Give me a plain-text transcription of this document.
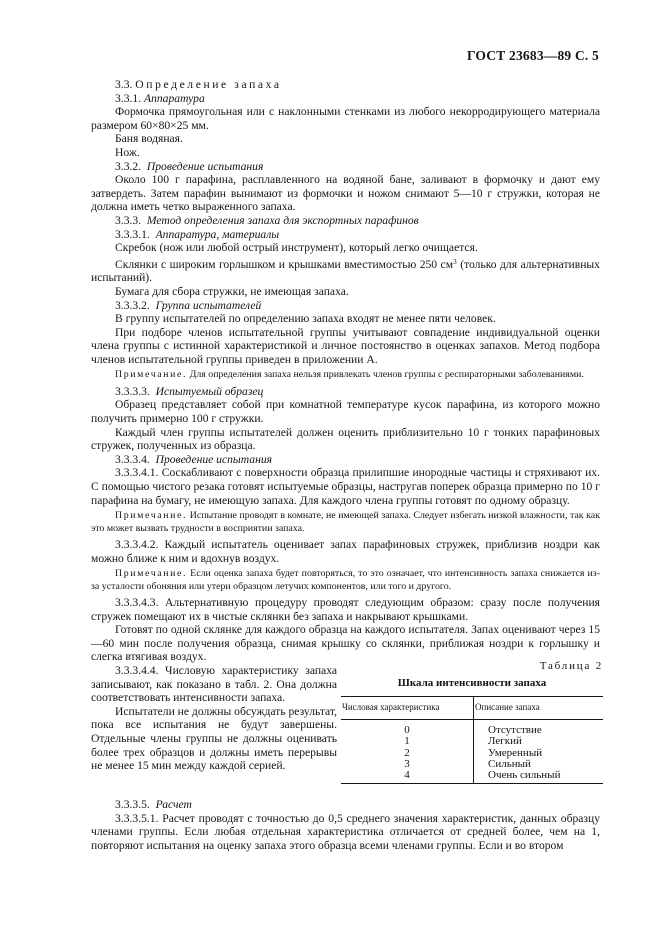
ГОСТ 23683—89 С. 5

3.3. Определение запаха

3.3.1. Аппаратура

Формочка прямоугольная или с наклонными стенками из любого некорродирующего материала размером 60×80×25 мм.

Баня водяная.

Нож.

3.3.2. Проведение испытания

Около 100 г парафина, расплавленного на водяной бане, заливают в формочку и дают ему затвердеть. Затем парафин вынимают из формочки и ножом снимают 5—10 г стружки, которая не должна иметь четко выраженного запаха.

3.3.3. Метод определения запаха для экспортных парафинов

3.3.3.1. Аппаратура, материалы

Скребок (нож или любой острый инструмент), который легко очищается.

Склянки с широким горлышком и крышками вместимостью 250 $см^3$ (только для альтернативных испытаний).

Бумага для сбора стружки, не имеющая запаха.

3.3.3.2. Группа испытателей

В группу испытателей по определению запаха входят не менее пяти человек.

При подборе членов испытательной группы учитывают совпадение индивидуальной оценки члена группы с истинной характеристикой и личное постоянство в оценках запахов. Метод подбора членов испытательной группы приведен в приложении А.

Примечание. Для определения запаха нельзя привлекать членов группы с респираторными заболеваниями.

3.3.3.3. Испытуемый образец

Образец представляет собой при комнатной температуре кусок парафина, из которого можно получить примерно 100 г стружки.

Каждый член группы испытателей должен оценить приблизительно 10 г тонких парафиновых стружек, полученных из образца.

3.3.3.4. Проведение испытания

3.3.3.4.1. Соскабливают с поверхности образца прилипшие инородные частицы и стряхивают их. С помощью чистого резака готовят испытуемые образцы, настругав поперек образца примерно по 10 г парафина на бумагу, не имеющую запаха. Для каждого члена группы готовят по одному образцу.

Примечание. Испытание проводят в комнате, не имеющей запаха. Следует избегать низкой влажности, так как это может вызвать трудности в восприятии запаха.

3.3.3.4.2. Каждый испытатель оценивает запах парафиновых стружек, приблизив ноздри как можно ближе к ним и вдохнув воздух.

Примечание. Если оценка запаха будет повторяться, то это означает, что интенсивность запаха снижается из-за усталости обоняния или утери образцом летучих компонентов, или того и другого.

3.3.3.4.3. Альтернативную процедуру проводят следующим образом: сразу после получения стружек помещают их в чистые склянки без запаха и накрывают крышками.

Готовят по одной склянке для каждого образца на каждого испытателя. Запах оценивают через 15—60 мин после получения образца, снимая крышку со склянки, приближая ноздри к горлышку и слегка втягивая воздух.

3.3.3.4.4. Числовую характеристику запаха записывают, как показано в табл. 2. Она должна соответствовать интенсивности запаха.

Испытатели не должны обсуждать результат, пока все испытания не будут завершены. Отдельные члены группы не должны оценивать более трех образцов и должны иметь перерывы не менее 15 мин между каждой серией.

Таблица 2

Шкала интенсивности запаха

Числовая характеристика	Описание запаха
0	Отсутствие
1	Легкий
2	Умеренный
3	Сильный
4	Очень сильный

3.3.3.5. Расчет

3.3.3.5.1. Расчет проводят с точностью до 0,5 среднего значения характеристик, данных образцу членами группы. Если любая отдельная характеристика отличается от средней более, чем на 1, повторяют испытания на оценку запаха этого образца всеми членами группы. Если и во втором
